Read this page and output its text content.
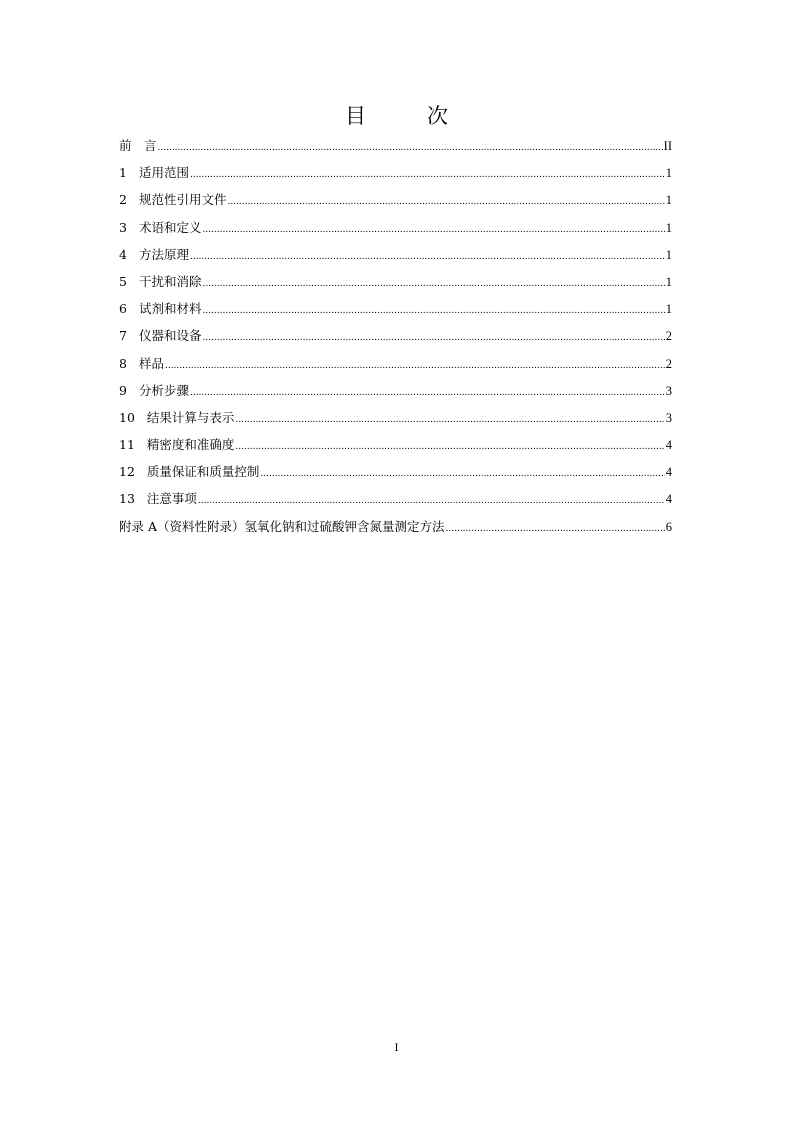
目　次
前　言 .....	II
1 适用范围 .....	1
2 规范性引用文件 .....	1
3 术语和定义 .....	1
4 方法原理 .....	1
5 干扰和消除 .....	1
6 试剂和材料 .....	1
7 仪器和设备 .....	2
8 样品 .....	2
9 分析步骤 .....	3
10 结果计算与表示 .....	3
11 精密度和准确度 .....	4
12 质量保证和质量控制 .....	4
13 注意事项 .....	4
附录 A（资料性附录）氢氧化钠和过硫酸钾含氮量测定方法 .....	6
I
